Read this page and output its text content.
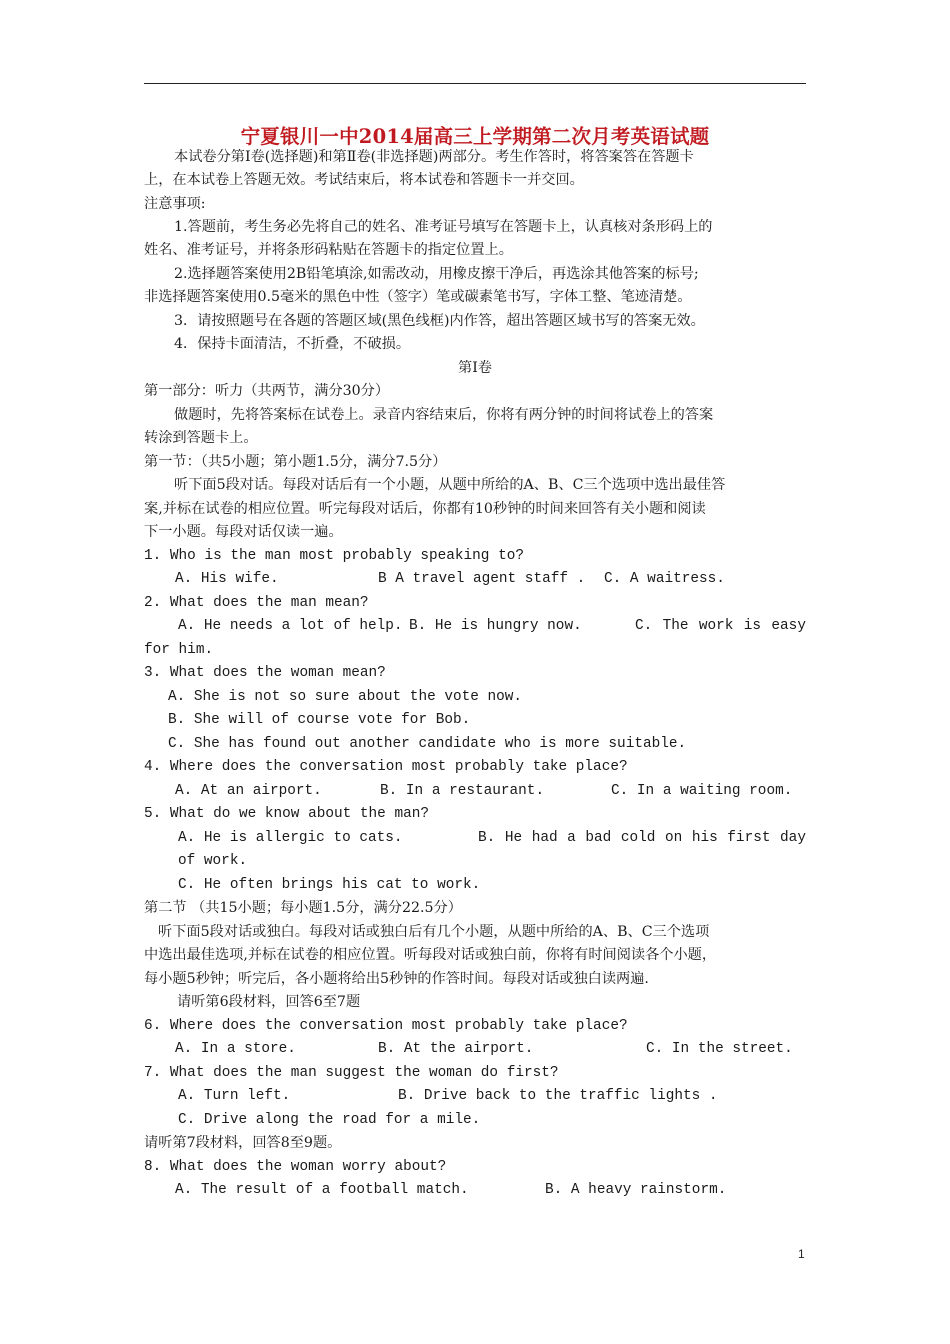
宁夏银川一中2014届高三上学期第二次月考英语试题
本试卷分第Ⅰ卷(选择题)和第Ⅱ卷(非选择题)两部分。考生作答时，将答案答在答题卡
上，在本试卷上答题无效。考试结束后，将本试卷和答题卡一并交回。
注意事项:
1.答题前，考生务必先将自己的姓名、准考证号填写在答题卡上，认真核对条形码上的
姓名、准考证号，并将条形码粘贴在答题卡的指定位置上。
2.选择题答案使用2B铅笔填涂,如需改动，用橡皮擦干净后，再选涂其他答案的标号;
非选择题答案使用0.5毫米的黑色中性（签字）笔或碳素笔书写，字体工整、笔迹清楚。
3．请按照题号在各题的答题区域(黑色线框)内作答，超出答题区域书写的答案无效。
4．保持卡面清洁，不折叠，不破损。
第Ⅰ卷
第一部分：听力（共两节，满分30分）
做题时，先将答案标在试卷上。录音内容结束后，你将有两分钟的时间将试卷上的答案
转涂到答题卡上。
第一节：（共5小题；第小题1.5分，满分7.5分）
听下面5段对话。每段对话后有一个小题，从题中所给的A、B、C三个选项中选出最佳答
案,并标在试卷的相应位置。听完每段对话后，你都有10秒钟的时间来回答有关小题和阅读
下一小题。每段对话仅读一遍。
1. Who is the man most probably speaking to?
A. His wife.	B A travel agent staff . C. A waitress.
2. What does the man mean?
A. He needs a lot of help. B. He is hungry now.	C. The work is easy
for him.
3. What does the woman mean?
A. She is not so sure about the vote now.
B. She will of course vote for Bob.
C. She has found out another candidate who is more suitable.
4. Where does the conversation most probably take place?
A. At an airport.	B. In a restaurant.	C. In a waiting room.
5. What do we know about the man?
A. He is allergic to cats.	B. He had a bad cold on his first day
of work.
C. He often brings his cat to work.
第二节 （共15小题；每小题1.5分，满分22.5分）
听下面5段对话或独白。每段对话或独白后有几个小题，从题中所给的A、B、C三个选项
中选出最佳选项,并标在试卷的相应位置。听每段对话或独白前，你将有时间阅读各个小题，
每小题5秒钟；听完后，各小题将给出5秒钟的作答时间。每段对话或独白读两遍.
请听第6段材料，回答6至7题
6. Where does the conversation most probably take place?
A. In a store.	B. At the airport.	C. In the street.
7. What does the man suggest the woman do first?
A. Turn left.	B. Drive back to the traffic lights .
C. Drive along the road for a mile.
请听第7段材料，回答8至9题。
8. What does the woman worry about?
A. The result of a football match.	B. A heavy rainstorm.
1
